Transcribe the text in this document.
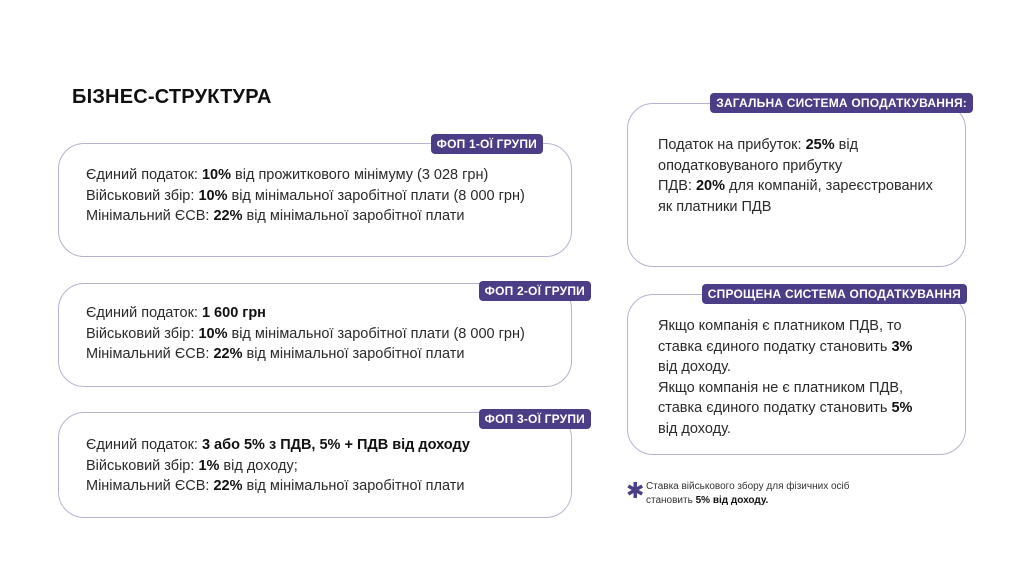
БІЗНЕС-СТРУКТУРА
ФОП 1-ОЇ ГРУПИ
Єдиний податок: 10% від прожиткового мінімуму (3 028 грн)
Військовий збір: 10% від мінімальної заробітної плати (8 000 грн)
Мінімальний ЄСВ: 22% від мінімальної заробітної плати
ФОП 2-ОЇ ГРУПИ
Єдиний податок: 1 600 грн
Військовий збір: 10% від мінімальної заробітної плати (8 000 грн)
Мінімальний ЄСВ: 22% від мінімальної заробітної плати
ФОП 3-ОЇ ГРУПИ
Єдиний податок: 3 або 5% з ПДВ, 5% + ПДВ від доходу
Військовий збір: 1% від доходу;
Мінімальний ЄСВ: 22% від мінімальної заробітної плати
ЗАГАЛЬНА СИСТЕМА ОПОДАТКУВАННЯ:
Податок на прибуток: 25% від
оподатковуваного прибутку
ПДВ: 20% для компаній, зареєстрованих
як платники ПДВ
СПРОЩЕНА СИСТЕМА ОПОДАТКУВАННЯ
Якщо компанія є платником ПДВ, то
ставка єдиного податку становить 3%
від доходу.
Якщо компанія не є платником ПДВ,
ставка єдиного податку становить 5%
від доходу.
✱ Ставка військового збору для фізичних осіб
становить 5% від доходу.
